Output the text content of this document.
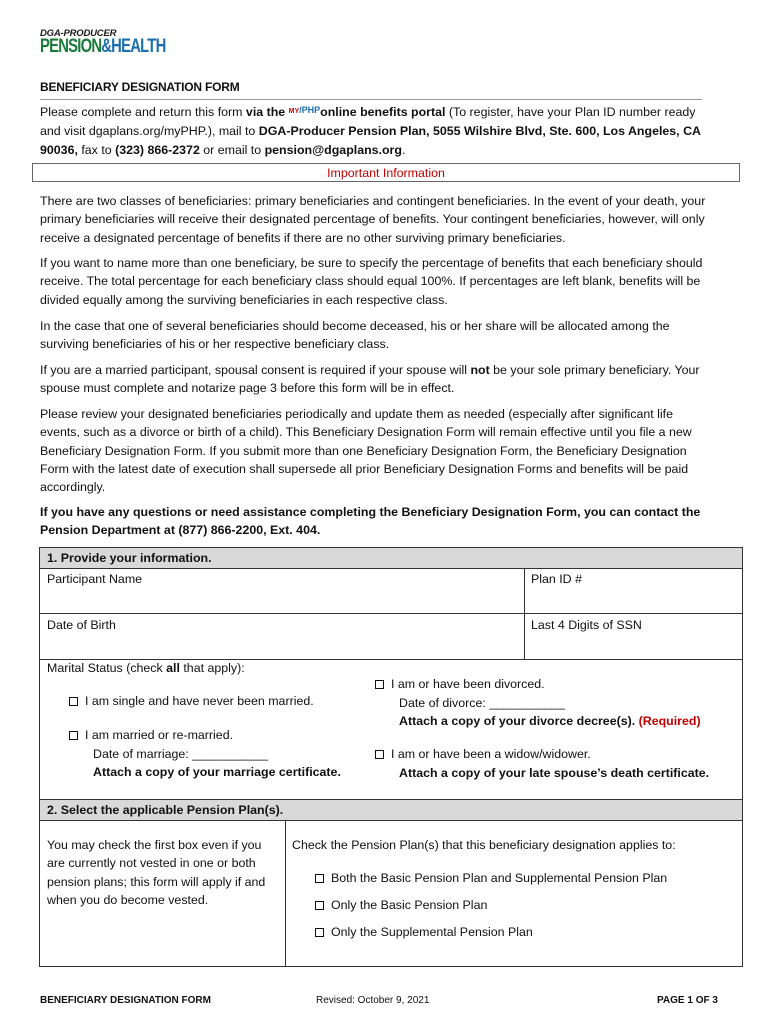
DGA-PRODUCER
PENSION&HEALTH
BENEFICIARY DESIGNATION FORM
Please complete and return this form via the MY/PHPonline benefits portal (To register, have your Plan ID number ready and visit dgaplans.org/myPHP.), mail to DGA-Producer Pension Plan, 5055 Wilshire Blvd, Ste. 600, Los Angeles, CA 90036, fax to (323) 866-2372 or email to pension@dgaplans.org.
Important Information
There are two classes of beneficiaries: primary beneficiaries and contingent beneficiaries. In the event of your death, your primary beneficiaries will receive their designated percentage of benefits. Your contingent beneficiaries, however, will only receive a designated percentage of benefits if there are no other surviving primary beneficiaries.
If you want to name more than one beneficiary, be sure to specify the percentage of benefits that each beneficiary should receive. The total percentage for each beneficiary class should equal 100%. If percentages are left blank, benefits will be divided equally among the surviving beneficiaries in each respective class.
In the case that one of several beneficiaries should become deceased, his or her share will be allocated among the surviving beneficiaries of his or her respective beneficiary class.
If you are a married participant, spousal consent is required if your spouse will not be your sole primary beneficiary. Your spouse must complete and notarize page 3 before this form will be in effect.
Please review your designated beneficiaries periodically and update them as needed (especially after significant life events, such as a divorce or birth of a child). This Beneficiary Designation Form will remain effective until you file a new Beneficiary Designation Form. If you submit more than one Beneficiary Designation Form, the Beneficiary Designation Form with the latest date of execution shall supersede all prior Beneficiary Designation Forms and benefits will be paid accordingly.
If you have any questions or need assistance completing the Beneficiary Designation Form, you can contact the Pension Department at (877) 866-2200, Ext. 404.
1. Provide your information.
Participant Name	Plan ID #
Date of Birth	Last 4 Digits of SSN
Marital Status (check all that apply):
I am single and have never been married.
I am married or re-married.
Date of marriage: ___________
Attach a copy of your marriage certificate.
I am or have been divorced.
Date of divorce: ___________
Attach a copy of your divorce decree(s). (Required)
I am or have been a widow/widower.
Attach a copy of your late spouse’s death certificate.
2. Select the applicable Pension Plan(s).
You may check the first box even if you are currently not vested in one or both pension plans; this form will apply if and when you do become vested.
Check the Pension Plan(s) that this beneficiary designation applies to:
Both the Basic Pension Plan and Supplemental Pension Plan
Only the Basic Pension Plan
Only the Supplemental Pension Plan
BENEFICIARY DESIGNATION FORM	Revised: October 9, 2021	PAGE 1 OF 3
